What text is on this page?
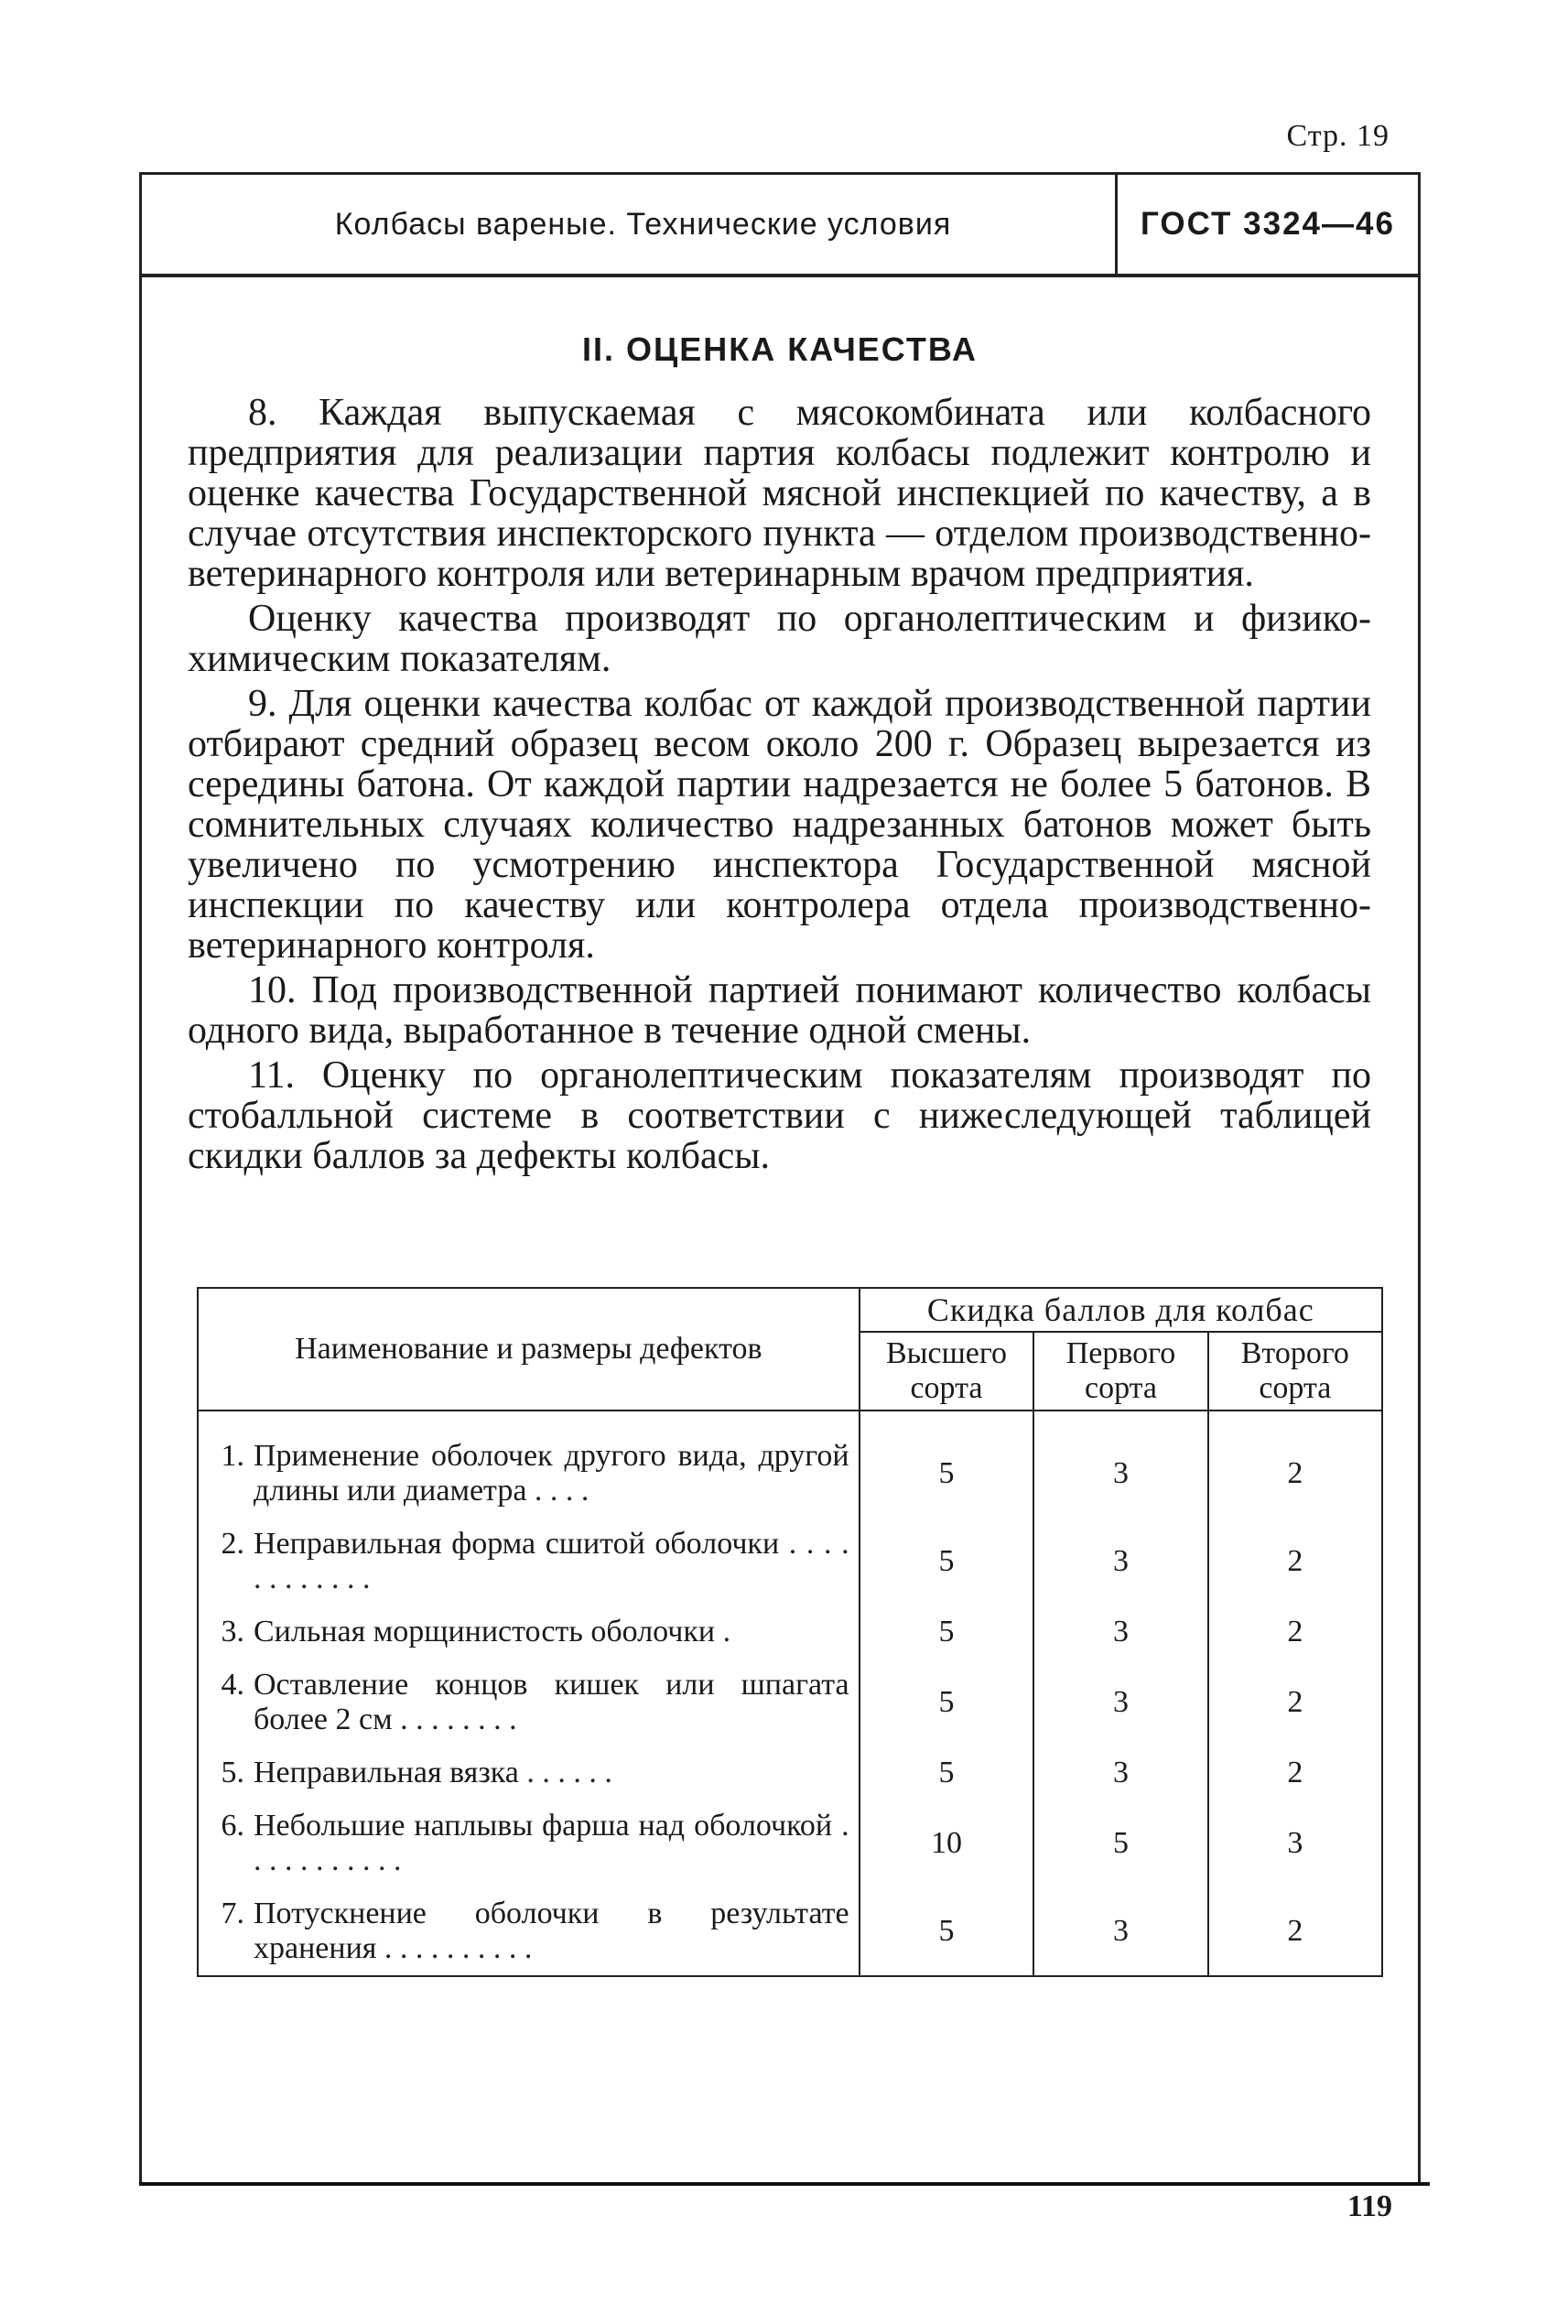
Стр. 19
Колбасы вареные. Технические условия	ГОСТ 3324—46
II. ОЦЕНКА КАЧЕСТВА

8. Каждая выпускаемая с мясокомбината или колбасного предприятия для реализации партия колбасы подлежит контролю и оценке качества Государственной мясной инспекцией по качеству, а в случае отсутствия инспекторского пункта — отделом производственно-ветеринарного контроля или ветеринарным врачом предприятия.

Оценку качества производят по органолептическим и физико-химическим показателям.

9. Для оценки качества колбас от каждой производственной партии отбирают средний образец весом около 200 г. Образец вырезается из середины батона. От каждой партии надрезается не более 5 батонов. В сомнительных случаях количество надрезанных батонов может быть увеличено по усмотрению инспектора Государственной мясной инспекции по качеству или контролера отдела производственно-ветеринарного контроля.

10. Под производственной партией понимают количество колбасы одного вида, выработанное в течение одной смены.

11. Оценку по органолептическим показателям производят по стобалльной системе в соответствии с нижеследующей таблицей скидки баллов за дефекты колбасы.

Наименование и размеры дефектов	Скидка баллов для колбас		
	Высшего сорта	Первого сорта	Второго сорта

1. Применение оболочек другого вида, другой длины или диаметра . . . .	5	3	2

2. Неправильная форма сшитой оболочки . . . . . . . . . . . .	5	3	2

3. Сильная морщинистость оболочки .	5	3	2

4. Оставление концов кишек или шпагата более 2 см . . . . . . . .	5	3	2

5. Неправильная вязка . . . . . .	5	3	2

6. Небольшие наплывы фарша над оболочкой . . . . . . . . . . .	10	5	3

7. Потускнение оболочки в результате хранения . . . . . . . . . .	5	3	2
119
